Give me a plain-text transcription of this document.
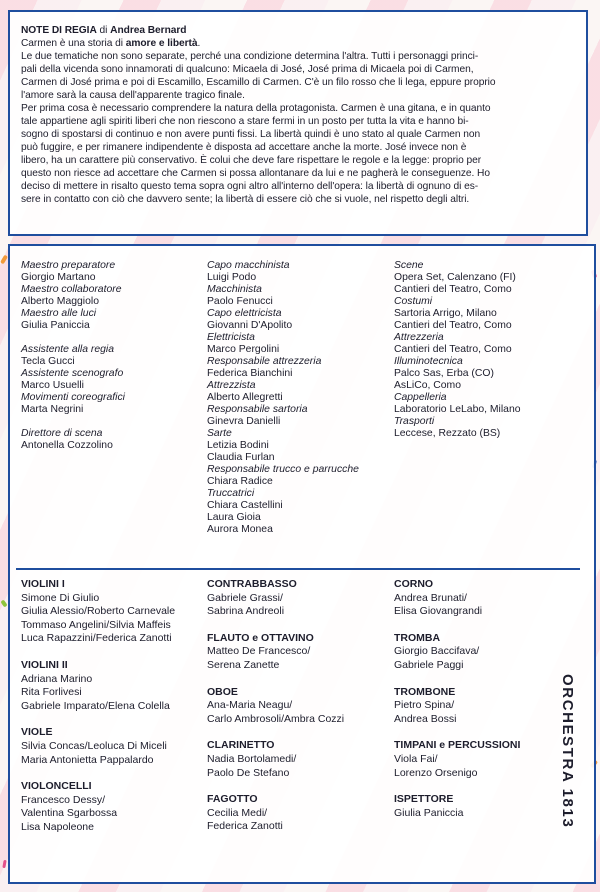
NOTE DI REGIA di Andrea Bernard

Carmen è una storia di amore e libertà.

Le due tematiche non sono separate, perché una condizione determina l'altra. Tutti i personaggi princi-

pali della vicenda sono innamorati di qualcuno: Micaela di José, José prima di Micaela poi di Carmen,

Carmen di José prima e poi di Escamillo, Escamillo di Carmen. C'è un filo rosso che li lega, eppure proprio

l'amore sarà la causa dell'apparente tragico finale.

Per prima cosa è necessario comprendere la natura della protagonista. Carmen è una gitana, e in quanto

tale appartiene agli spiriti liberi che non riescono a stare fermi in un posto per tutta la vita e hanno bi-

sogno di spostarsi di continuo e non avere punti fissi. La libertà quindi è uno stato al quale Carmen non

può fuggire, e per rimanere indipendente è disposta ad accettare anche la morte. José invece non è

libero, ha un carattere più conservativo. È colui che deve fare rispettare le regole e la legge: proprio per

questo non riesce ad accettare che Carmen si possa allontanare da lui e ne pagherà le conseguenze. Ho

deciso di mettere in risalto questo tema sopra ogni altro all'interno dell'opera: la libertà di ognuno di es-

sere in contatto con ciò che davvero sente; la libertà di essere ciò che si vuole, nel rispetto degli altri.

Maestro preparatore
Giorgio Martano
Maestro collaboratore
Alberto Maggiolo
Maestro alle luci
Giulia Paniccia
Assistente alla regia
Tecla Gucci
Assistente scenografo
Marco Usuelli
Movimenti coreografici
Marta Negrini
Direttore di scena
Antonella Cozzolino
Capo macchinista
Luigi Podo
Macchinista
Paolo Fenucci
Capo elettricista
Giovanni D'Apolito
Elettricista
Marco Pergolini
Responsabile attrezzeria
Federica Bianchini
Attrezzista
Alberto Allegretti
Responsabile sartoria
Ginevra Danielli
Sarte
Letizia Bodini
Claudia Furlan
Responsabile trucco e parrucche
Chiara Radice
Truccatrici
Chiara Castellini
Laura Gioia
Aurora Monea
Scene
Opera Set, Calenzano (FI)
Cantieri del Teatro, Como
Costumi
Sartoria Arrigo, Milano
Cantieri del Teatro, Como
Attrezzeria
Cantieri del Teatro, Como
Illuminotecnica
Palco Sas, Erba (CO)
AsLiCo, Como
Cappelleria
Laboratorio LeLabo, Milano
Trasporti
Leccese, Rezzato (BS)
VIOLINI I
Simone Di Giulio
Giulia Alessio/Roberto Carnevale
Tommaso Angelini/Silvia Maffeis
Luca Rapazzini/Federica Zanotti
VIOLINI II
Adriana Marino
Rita Forlivesi
Gabriele Imparato/Elena Colella
VIOLE
Silvia Concas/Leoluca Di Miceli
Maria Antonietta Pappalardo
VIOLONCELLI
Francesco Dessy/
Valentina Sgarbossa
Lisa Napoleone
CONTRABBASSO
Gabriele Grassi/
Sabrina Andreoli
FLAUTO e OTTAVINO
Matteo De Francesco/
Serena Zanette
OBOE
Ana-Maria Neagu/
Carlo Ambrosoli/Ambra Cozzi
CLARINETTO
Nadia Bortolamedi/
Paolo De Stefano
FAGOTTO
Cecilia Medi/
Federica Zanotti
CORNO
Andrea Brunati/
Elisa Giovangrandi
TROMBA
Giorgio Baccifava/
Gabriele Paggi
TROMBONE
Pietro Spina/
Andrea Bossi
TIMPANI e PERCUSSIONI
Viola Fai/
Lorenzo Orsenigo
ISPETTORE
Giulia Paniccia	ORCHESTRA 1813
